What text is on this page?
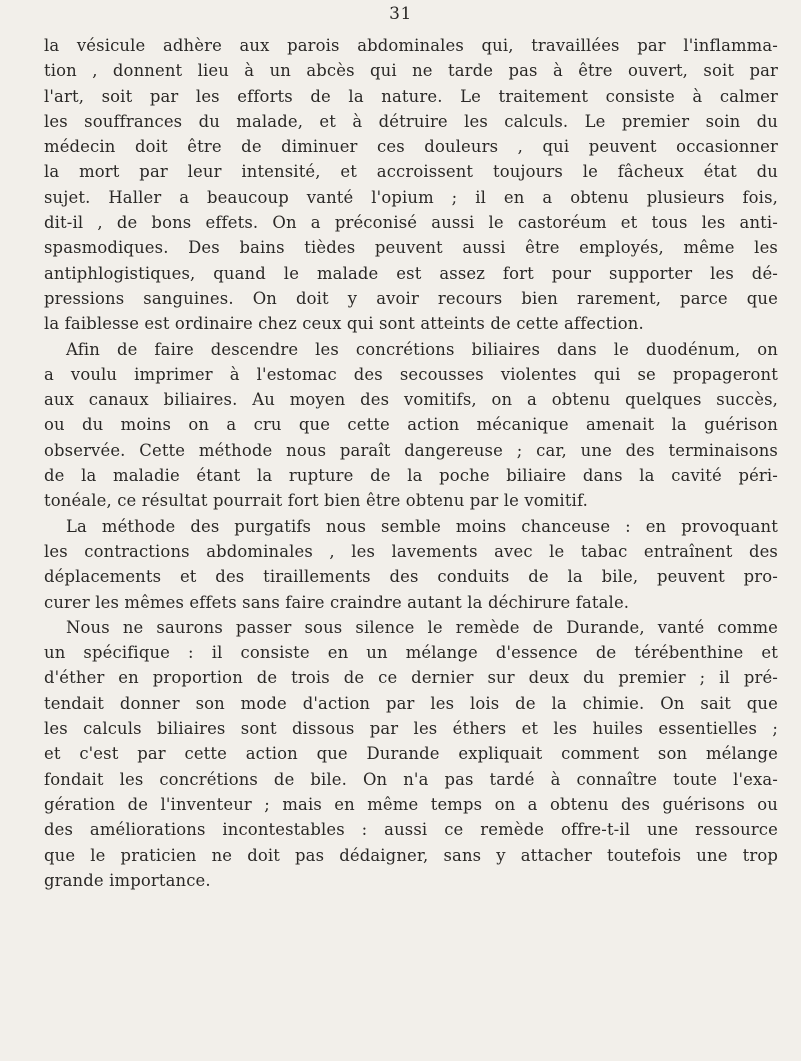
31
la vésicule adhère aux parois abdominales qui, travaillées par l'inflamma-
tion , donnent lieu à un abcès qui ne tarde pas à être ouvert, soit par
l'art, soit par les efforts de la nature. Le traitement consiste à calmer
les souffrances du malade, et à détruire les calculs. Le premier soin du
médecin doit être de diminuer ces douleurs , qui peuvent occasionner
la mort par leur intensité, et accroissent toujours le fâcheux état du
sujet. Haller a beaucoup vanté l'opium ; il en a obtenu plusieurs fois,
dit-il , de bons effets. On a préconisé aussi le castoréum et tous les anti-
spasmodiques. Des bains tièdes peuvent aussi être employés, même les
antiphlogistiques, quand le malade est assez fort pour supporter les dé-
pressions sanguines. On doit y avoir recours bien rarement, parce que
la faiblesse est ordinaire chez ceux qui sont atteints de cette affection.
Afin de faire descendre les concrétions biliaires dans le duodénum, on
a voulu imprimer à l'estomac des secousses violentes qui se propageront
aux canaux biliaires. Au moyen des vomitifs, on a obtenu quelques succès,
ou du moins on a cru que cette action mécanique amenait la guérison
observée. Cette méthode nous paraît dangereuse ; car, une des terminaisons
de la maladie étant la rupture de la poche biliaire dans la cavité péri-
tonéale, ce résultat pourrait fort bien être obtenu par le vomitif.
La méthode des purgatifs nous semble moins chanceuse : en provoquant
les contractions abdominales , les lavements avec le tabac entraînent des
déplacements et des tiraillements des conduits de la bile, peuvent pro-
curer les mêmes effets sans faire craindre autant la déchirure fatale.
Nous ne saurons passer sous silence le remède de Durande, vanté comme
un spécifique : il consiste en un mélange d'essence de térébenthine et
d'éther en proportion de trois de ce dernier sur deux du premier ; il pré-
tendait donner son mode d'action par les lois de la chimie. On sait que
les calculs biliaires sont dissous par les éthers et les huiles essentielles ;
et c'est par cette action que Durande expliquait comment son mélange
fondait les concrétions de bile. On n'a pas tardé à connaître toute l'exa-
gération de l'inventeur ; mais en même temps on a obtenu des guérisons ou
des améliorations incontestables : aussi ce remède offre-t-il une ressource
que le praticien ne doit pas dédaigner, sans y attacher toutefois une trop
grande importance.
